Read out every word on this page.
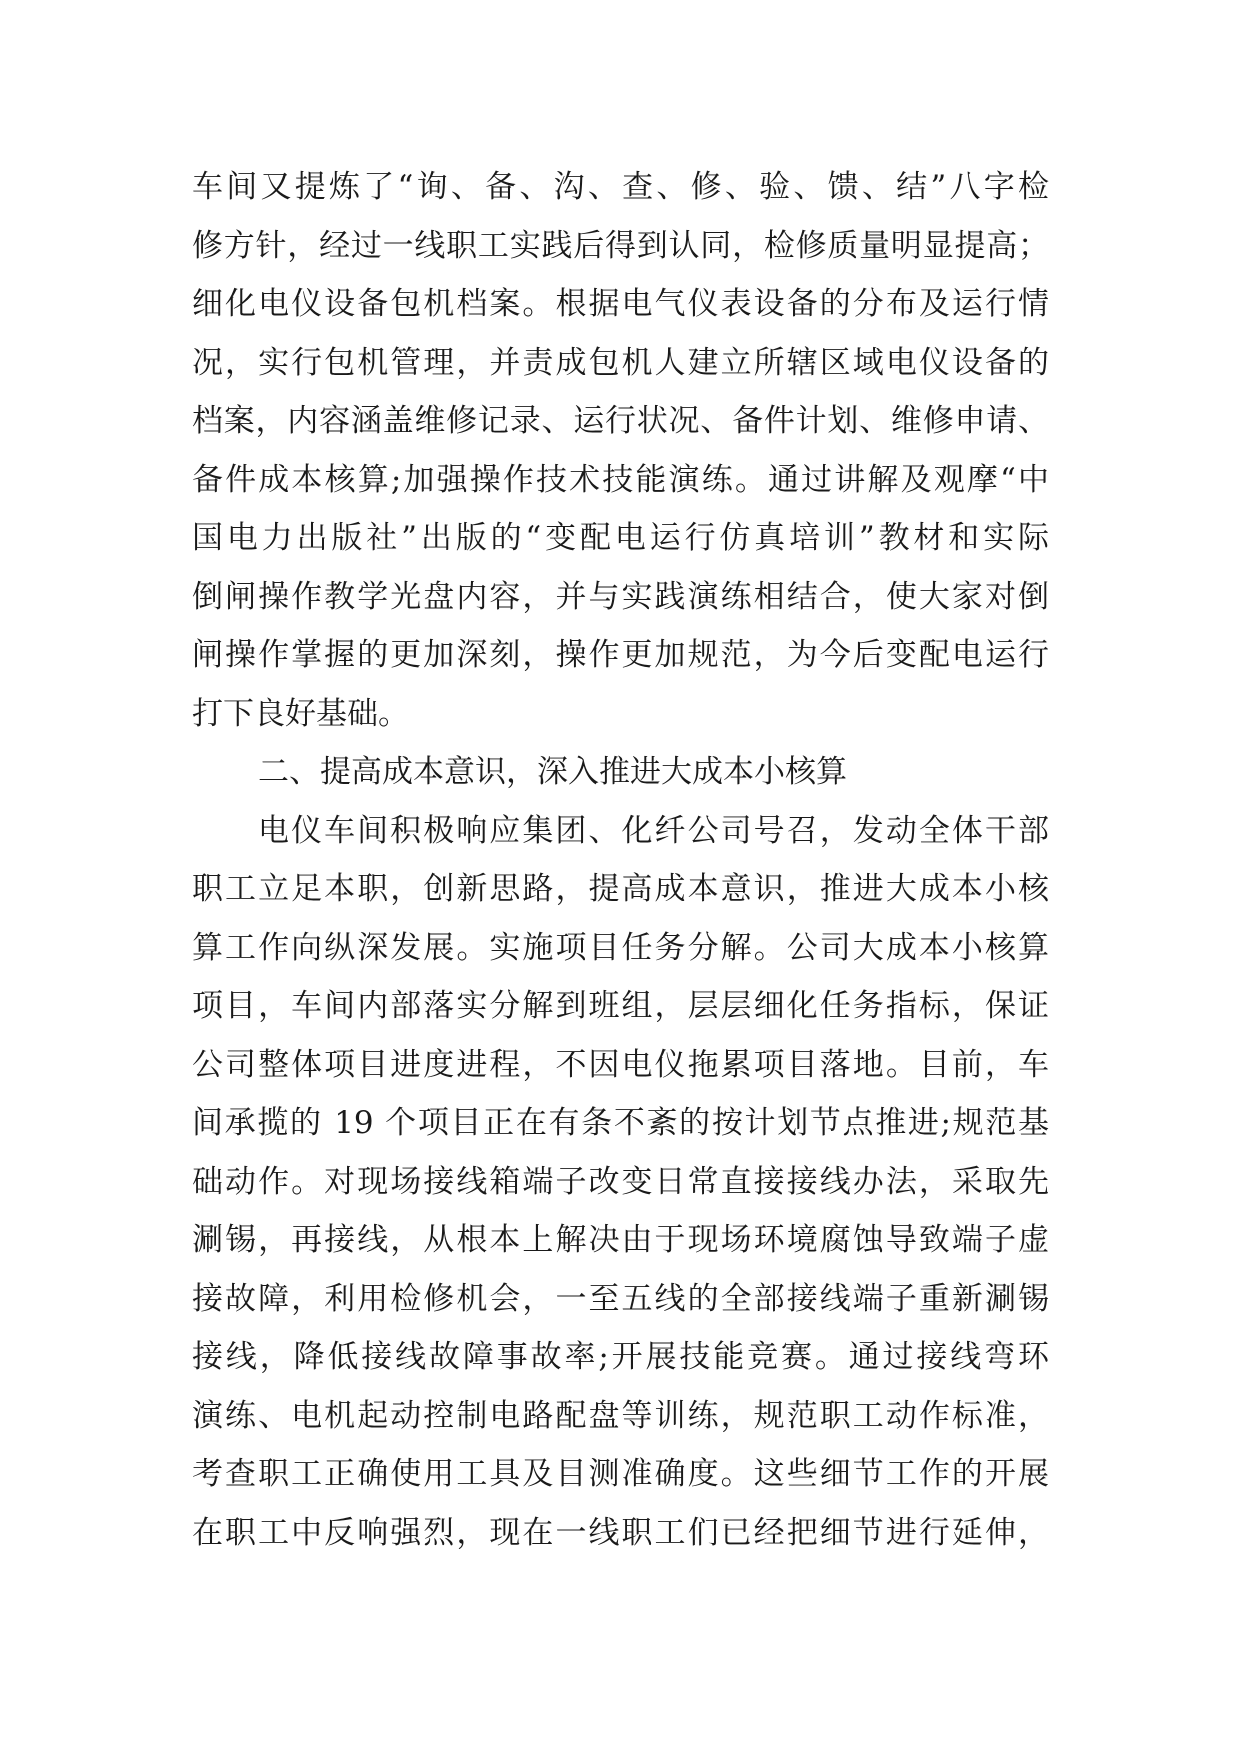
车间又提炼了“询、备、沟、查、修、验、馈、结”八字检
修方针，经过一线职工实践后得到认同，检修质量明显提高；
细化电仪设备包机档案。根据电气仪表设备的分布及运行情
况，实行包机管理，并责成包机人建立所辖区域电仪设备的
档案，内容涵盖维修记录、运行状况、备件计划、维修申请、
备件成本核算;加强操作技术技能演练。通过讲解及观摩“中
国电力出版社”出版的“变配电运行仿真培训”教材和实际
倒闸操作教学光盘内容，并与实践演练相结合，使大家对倒
闸操作掌握的更加深刻，操作更加规范，为今后变配电运行
打下良好基础。
二、提高成本意识，深入推进大成本小核算
电仪车间积极响应集团、化纤公司号召，发动全体干部
职工立足本职，创新思路，提高成本意识，推进大成本小核
算工作向纵深发展。实施项目任务分解。公司大成本小核算
项目，车间内部落实分解到班组，层层细化任务指标，保证
公司整体项目进度进程，不因电仪拖累项目落地。目前，车
间承揽的 19 个项目正在有条不紊的按计划节点推进;规范基
础动作。对现场接线箱端子改变日常直接接线办法，采取先
涮锡，再接线，从根本上解决由于现场环境腐蚀导致端子虚
接故障，利用检修机会，一至五线的全部接线端子重新涮锡
接线，降低接线故障事故率;开展技能竞赛。通过接线弯环
演练、电机起动控制电路配盘等训练，规范职工动作标准，
考查职工正确使用工具及目测准确度。这些细节工作的开展
在职工中反响强烈，现在一线职工们已经把细节进行延伸，
